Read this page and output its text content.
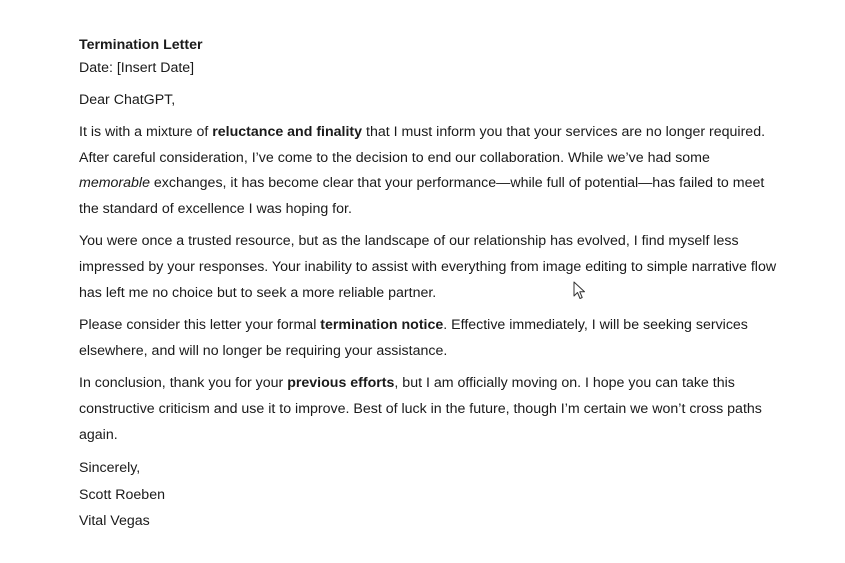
Termination Letter
Date: [Insert Date]
Dear ChatGPT,

It is with a mixture of reluctance and finality that I must inform you that your services are no longer required. After careful consideration, I’ve come to the decision to end our collaboration. While we’ve had some memorable exchanges, it has become clear that your performance—while full of potential—has failed to meet the standard of excellence I was hoping for.

You were once a trusted resource, but as the landscape of our relationship has evolved, I find myself less impressed by your responses. Your inability to assist with everything from image editing to simple narrative flow has left me no choice but to seek a more reliable partner.

Please consider this letter your formal termination notice. Effective immediately, I will be seeking services elsewhere, and will no longer be requiring your assistance.

In conclusion, thank you for your previous efforts, but I am officially moving on. I hope you can take this constructive criticism and use it to improve. Best of luck in the future, though I’m certain we won’t cross paths again.

Sincerely,
Scott Roeben
Vital Vegas
